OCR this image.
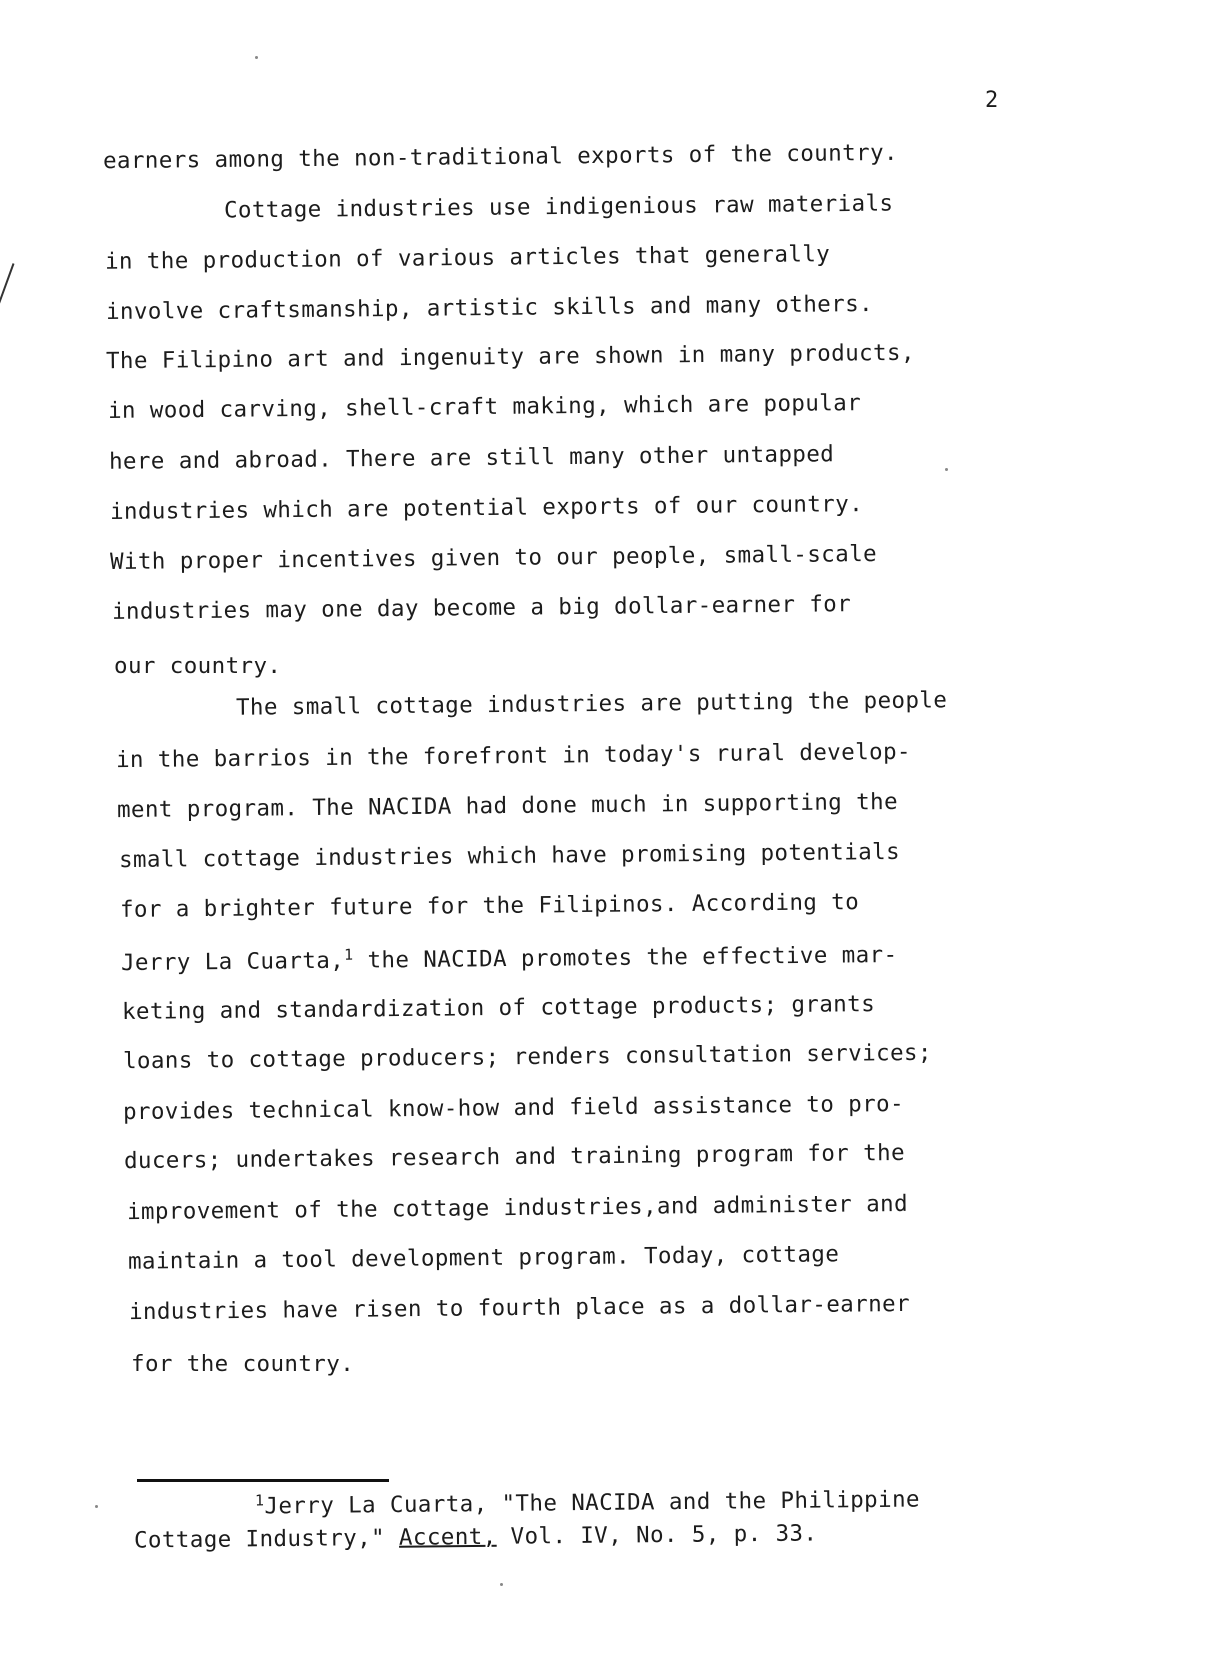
2
earners among the non-traditional exports of the country.
Cottage industries use indigenious raw materials
in the production of various articles that generally
involve craftsmanship, artistic skills and many others.
The Filipino art and ingenuity are shown in many products,
in wood carving, shell-craft making, which are popular
here and abroad. There are still many other untapped
industries which are potential exports of our country.
With proper incentives given to our people, small-scale
industries may one day become a big dollar-earner for
our country.
The small cottage industries are putting the people
in the barrios in the forefront in today's rural develop-
ment program. The NACIDA had done much in supporting the
small cottage industries which have promising potentials
for a brighter future for the Filipinos. According to
Jerry La Cuarta,$^1$ the NACIDA promotes the effective mar-
keting and standardization of cottage products; grants
loans to cottage producers; renders consultation services;
provides technical know-how and field assistance to pro-
ducers; undertakes research and training program for the
improvement of the cottage industries,and administer and
maintain a tool development program. Today, cottage
industries have risen to fourth place as a dollar-earner
for the country.
$^1$Jerry La Cuarta, "The NACIDA and the Philippine
Cottage Industry," Accent, Vol. IV, No. 5, p. 33.
